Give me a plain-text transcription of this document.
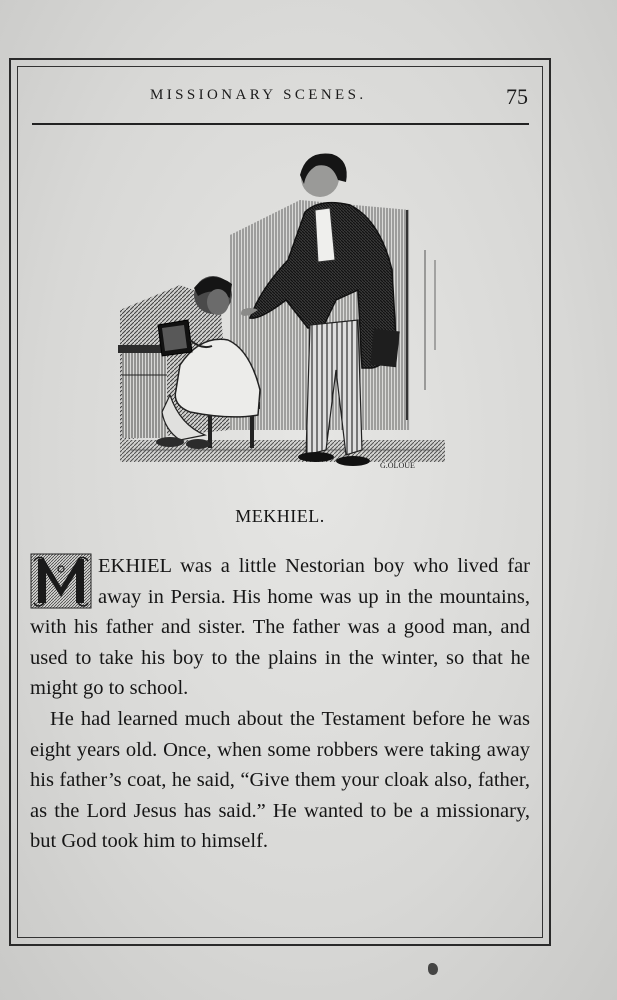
MISSIONARY SCENES.	75
G.OLOUE
MEKHIEL.

M
EKHIEL was a little Nestorian boy who lived far away in Persia. His home was up in the mountains, with his father and sister. The father was a good man, and used to take his boy to the plains in the winter, so that he might go to school.

He had learned much about the Testament before he was eight years old. Once, when some robbers were taking away his father’s coat, he said, “Give them your cloak also, father, as the Lord Jesus has said.” He wanted to be a missionary, but God took him to himself.
